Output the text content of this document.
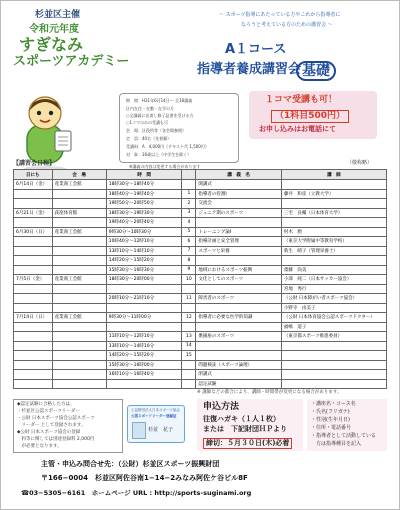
杉並区主催
令和元年度
すぎなみ
スポーツアカデミー
〜 スポーツ指導にあたっている方やこれから指導者に
なろうと考えている方のための講習会 〜
A１コース
指導者養成講習会 基礎
期　間：H31年6月14日〜 全18講義
区内在住・在勤・在学の方
○全講義に出席し修了証書を受ける方
○1コマのみの受講も可
会　場：区役所等（各会場参照）
定　員：40名（先着順）
受講料：A　4,000円（テキスト代 1,500円）
対　象：16歳以上（中学生を除く）
※講義の内容は変更する場合があります
１コマ受講も可！
（1科目500円）
お申し込みはお電話にて
【講習会日程】	（敬称略）
日にち	会　場	時　間		講　義　名	講　師
6月14日（金）	産業商工会館	18時30分〜18時40分		開講式	
		18時40分〜19時40分	1	指導者の役割Ⅰ	藤井　和彦（立教大学）
		19時50分〜20時50分	2	交流会	
6月21日（金）	荻窪体育館	18時30分〜19時30分	3	ジュニア期のスポーツ	三宅　良輔（日本体育大学）
		19時40分〜20時40分	4		
6月30日（日）	産業商工会館	9時30分〜10時30分	5	トレーニング論Ⅰ	村木　勲
		10時40分〜12時10分	6	指導計画と安全管理	（東京大学附属中等教育学校）
		13時10分〜14時10分	7	スポーツと栄養	新生　晴子（管理栄養士）
		14時20分〜15時20分	8		
		15時30分〜16時30分	9	地域におけるスポーツ振興	齋藤　尚美
7月5日（金）	産業商工会館	18時30分〜20時00分	10	文化としてのスポーツ	小澤　純二（日本サッカー協会）
					宮地　秀行
		20時10分〜21時10分	11	障害者のスポーツ	（公財 日本障がい者スポーツ協会）
					小野寺　由美子
7月14日（日）	産業商工会館	9時30分〜11時00分	12	指導者に必要な医学的知識	（公財 日本体育協会公認スポーツドクター）
					福嶋　道子
		11時10分〜12時10分	13	裏銀座のスポーツ	（東京都スポーツ推進委員）
		13時10分〜14時10分	14		
		14時20分〜15時20分	15		
		15時30分〜16時00分		問題検証（スポーツ論理）	
		16時10分〜16時40分		閉講式	
				認定試験	
※ 講師などの都合により、講師・時間帯が変更になる場合があります。
◆認定試験に合格した方は、
・杉並区公認スポーツリーダー
・公財 日本スポーツ協会公認スポーツ
　リーダー として登録されます。
◆公財 日本スポーツ協会の登録
　料等に関しては別途登録料 2,000円
　が必要となります。
公益財団法人日本スポーツ協会
公認スポーツリーダー登録証
杉並　花子
申込方法
往復ハガキ（１人１枚）
または　下記財団ＨＰより
締切：５月３０日(木)必着
・講座名・コース名
・氏名(フリガナ)
・性別(生年月日)
・住所・電話番号
・指導者として活動している
　方は指導種目を記入
主管・申込み問合せ先：（公財）杉並区スポーツ振興財団
〒166−0004　杉並区阿佐谷南1−14−2みなみ阿佐ケ谷ビル8F
☎03−5305−6161　ホームページ URL : http://sports-suginami.org
